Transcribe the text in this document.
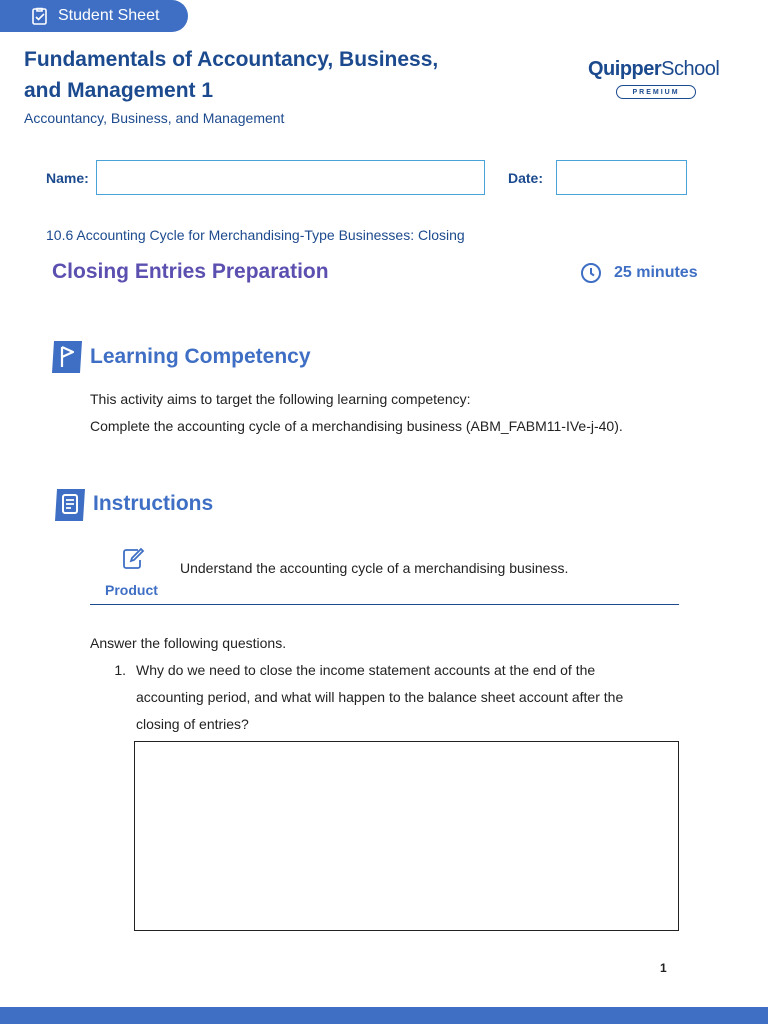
Student Sheet
Fundamentals of Accountancy, Business,
and Management 1
Accountancy, Business, and Management
QuipperSchool
PREMIUM
Name:	Date:
10.6 Accounting Cycle for Merchandising-Type Businesses: Closing
Closing Entries Preparation	25 minutes
Learning Competency
This activity aims to target the following learning competency:
Complete the accounting cycle of a merchandising business (ABM_FABM11-IVe-j-40).
Instructions
Product
Understand the accounting cycle of a merchandising business.
Answer the following questions.
1. Why do we need to close the income statement accounts at the end of the
accounting period, and what will happen to the balance sheet account after the
closing of entries?
1
